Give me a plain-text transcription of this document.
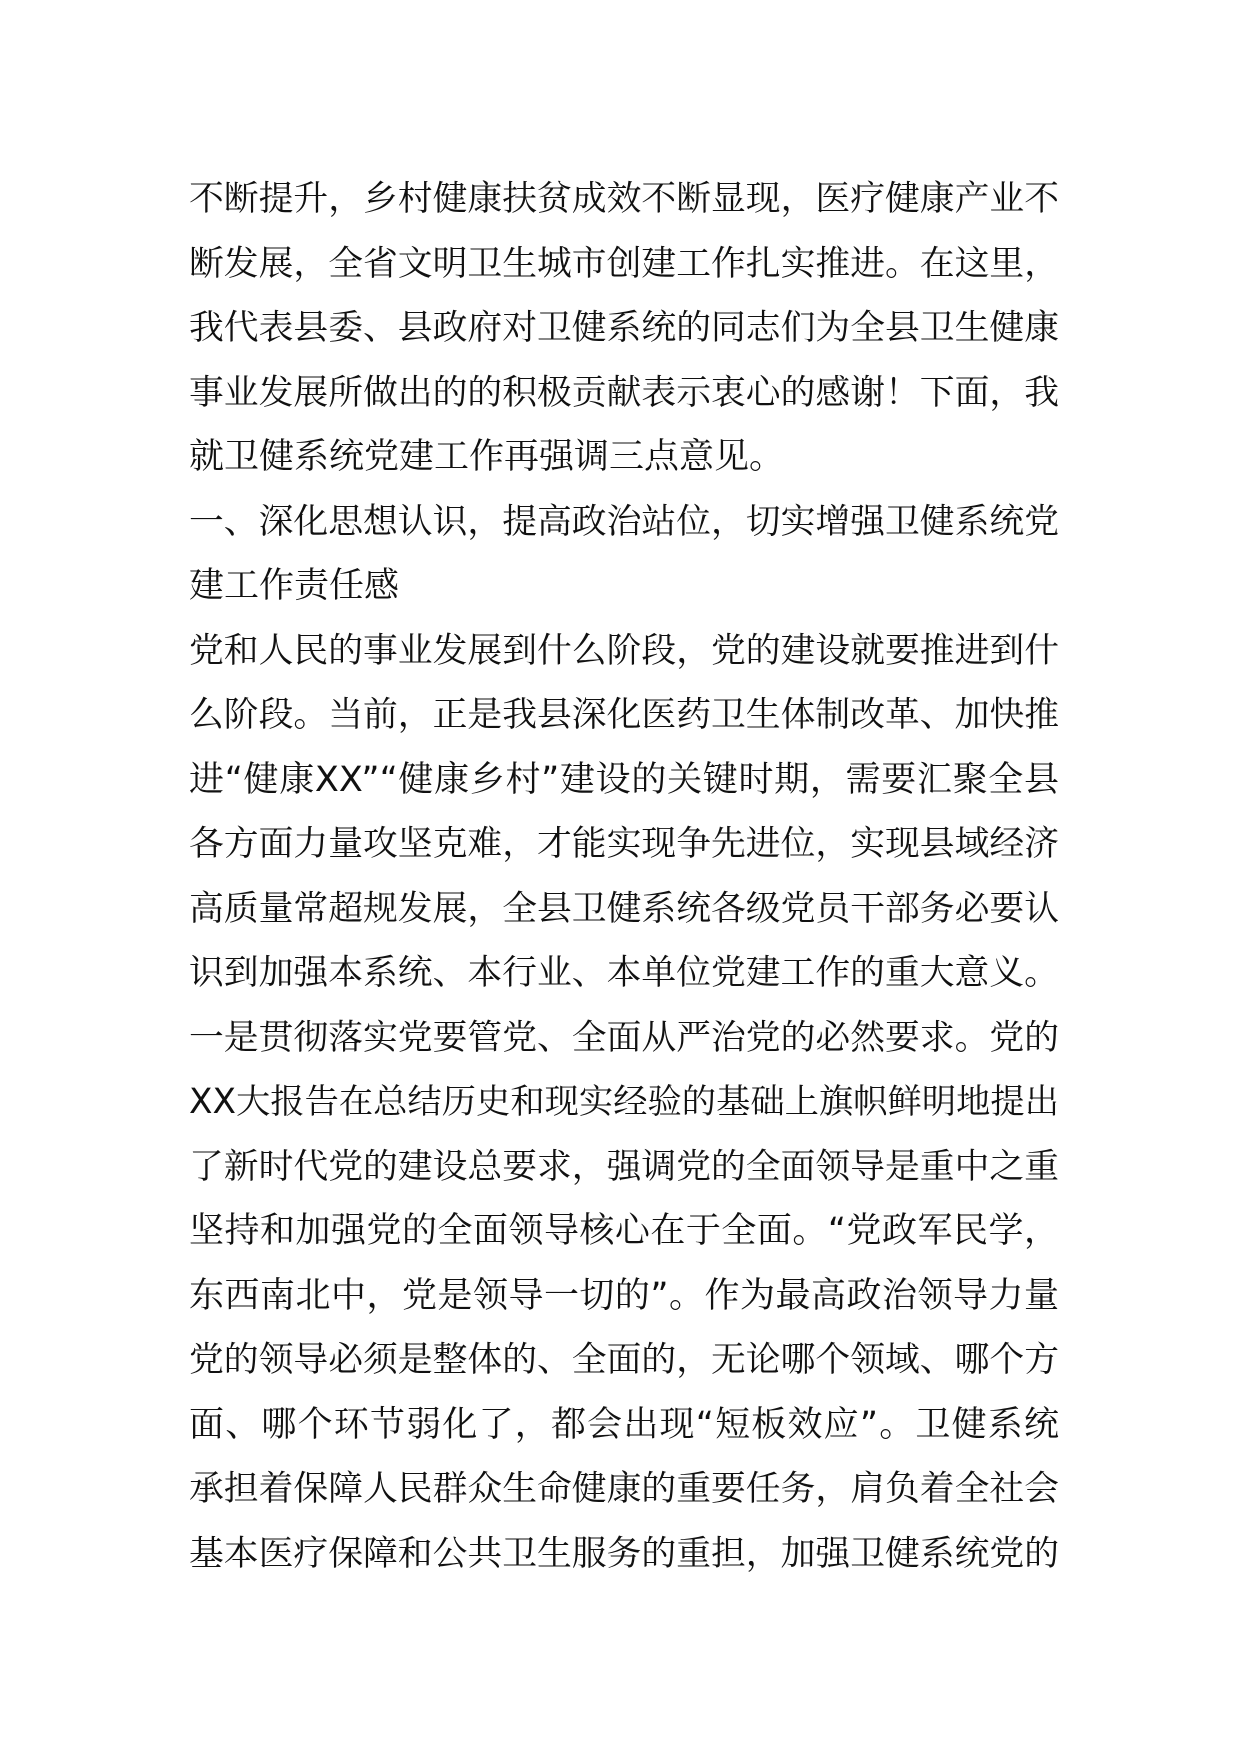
不断提升，乡村健康扶贫成效不断显现，医疗健康产业不
断发展，全省文明卫生城市创建工作扎实推进。在这里，
我代表县委、县政府对卫健系统的同志们为全县卫生健康
事业发展所做出的的积极贡献表示衷心的感谢！下面，我
就卫健系统党建工作再强调三点意见。
一、深化思想认识，提高政治站位，切实增强卫健系统党
建工作责任感
党和人民的事业发展到什么阶段，党的建设就要推进到什
么阶段。当前，正是我县深化医药卫生体制改革、加快推
进“健康XX”“健康乡村”建设的关键时期，需要汇聚全县
各方面力量攻坚克难，才能实现争先进位，实现县域经济
高质量常超规发展，全县卫健系统各级党员干部务必要认
识到加强本系统、本行业、本单位党建工作的重大意义。
一是贯彻落实党要管党、全面从严治党的必然要求。党的
XX大报告在总结历史和现实经验的基础上旗帜鲜明地提出
了新时代党的建设总要求，强调党的全面领导是重中之重
坚持和加强党的全面领导核心在于全面。“党政军民学，
东西南北中，党是领导一切的”。作为最高政治领导力量
党的领导必须是整体的、全面的，无论哪个领域、哪个方
面、哪个环节弱化了，都会出现“短板效应”。卫健系统
承担着保障人民群众生命健康的重要任务，肩负着全社会
基本医疗保障和公共卫生服务的重担，加强卫健系统党的
